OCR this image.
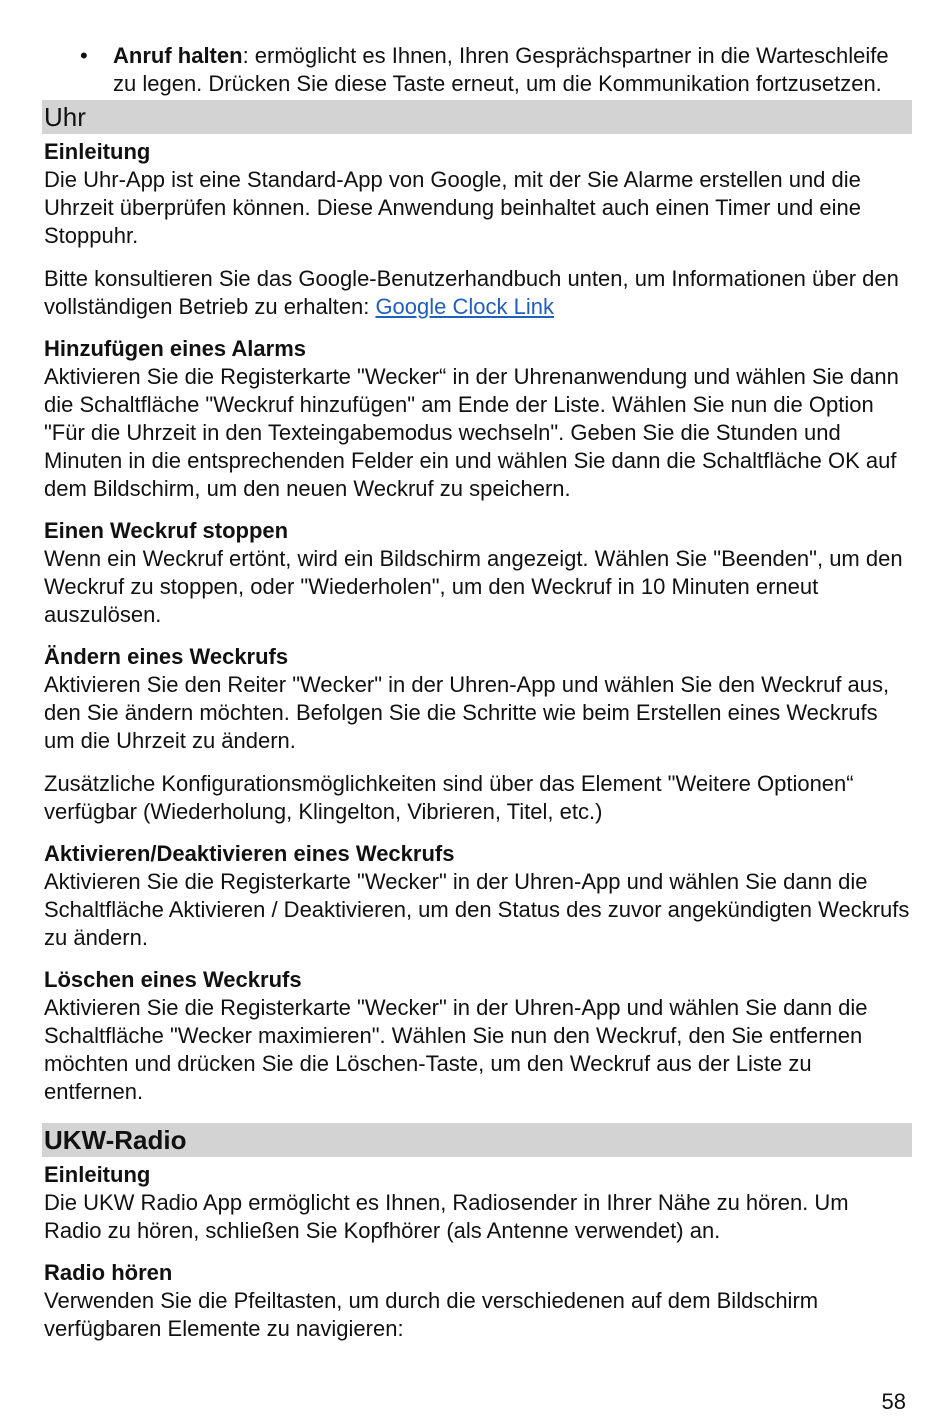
• Anruf halten: ermöglicht es Ihnen, Ihren Gesprächspartner in die Warteschleife zu legen. Drücken Sie diese Taste erneut, um die Kommunikation fortzusetzen.
Uhr
Einleitung

Die Uhr-App ist eine Standard-App von Google, mit der Sie Alarme erstellen und die Uhrzeit überprüfen können. Diese Anwendung beinhaltet auch einen Timer und eine Stoppuhr.

Bitte konsultieren Sie das Google-Benutzerhandbuch unten, um Informationen über den vollständigen Betrieb zu erhalten: Google Clock Link

Hinzufügen eines Alarms

Aktivieren Sie die Registerkarte "Wecker“ in der Uhrenanwendung und wählen Sie dann die Schaltfläche "Weckruf hinzufügen" am Ende der Liste. Wählen Sie nun die Option "Für die Uhrzeit in den Texteingabemodus wechseln". Geben Sie die Stunden und Minuten in die entsprechenden Felder ein und wählen Sie dann die Schaltfläche OK auf dem Bildschirm, um den neuen Weckruf zu speichern.

Einen Weckruf stoppen

Wenn ein Weckruf ertönt, wird ein Bildschirm angezeigt. Wählen Sie "Beenden", um den Weckruf zu stoppen, oder "Wiederholen", um den Weckruf in 10 Minuten erneut auszulösen.

Ändern eines Weckrufs

Aktivieren Sie den Reiter "Wecker" in der Uhren-App und wählen Sie den Weckruf aus, den Sie ändern möchten. Befolgen Sie die Schritte wie beim Erstellen eines Weckrufs um die Uhrzeit zu ändern.

Zusätzliche Konfigurationsmöglichkeiten sind über das Element "Weitere Optionen“ verfügbar (Wiederholung, Klingelton, Vibrieren, Titel, etc.)

Aktivieren/Deaktivieren eines Weckrufs

Aktivieren Sie die Registerkarte "Wecker" in der Uhren-App und wählen Sie dann die Schaltfläche Aktivieren / Deaktivieren, um den Status des zuvor angekündigten Weckrufs zu ändern.

Löschen eines Weckrufs

Aktivieren Sie die Registerkarte "Wecker" in der Uhren-App und wählen Sie dann die Schaltfläche "Wecker maximieren". Wählen Sie nun den Weckruf, den Sie entfernen möchten und drücken Sie die Löschen-Taste, um den Weckruf aus der Liste zu entfernen.

UKW-Radio
Einleitung

Die UKW Radio App ermöglicht es Ihnen, Radiosender in Ihrer Nähe zu hören. Um Radio zu hören, schließen Sie Kopfhörer (als Antenne verwendet) an.

Radio hören

Verwenden Sie die Pfeiltasten, um durch die verschiedenen auf dem Bildschirm verfügbaren Elemente zu navigieren:

58
